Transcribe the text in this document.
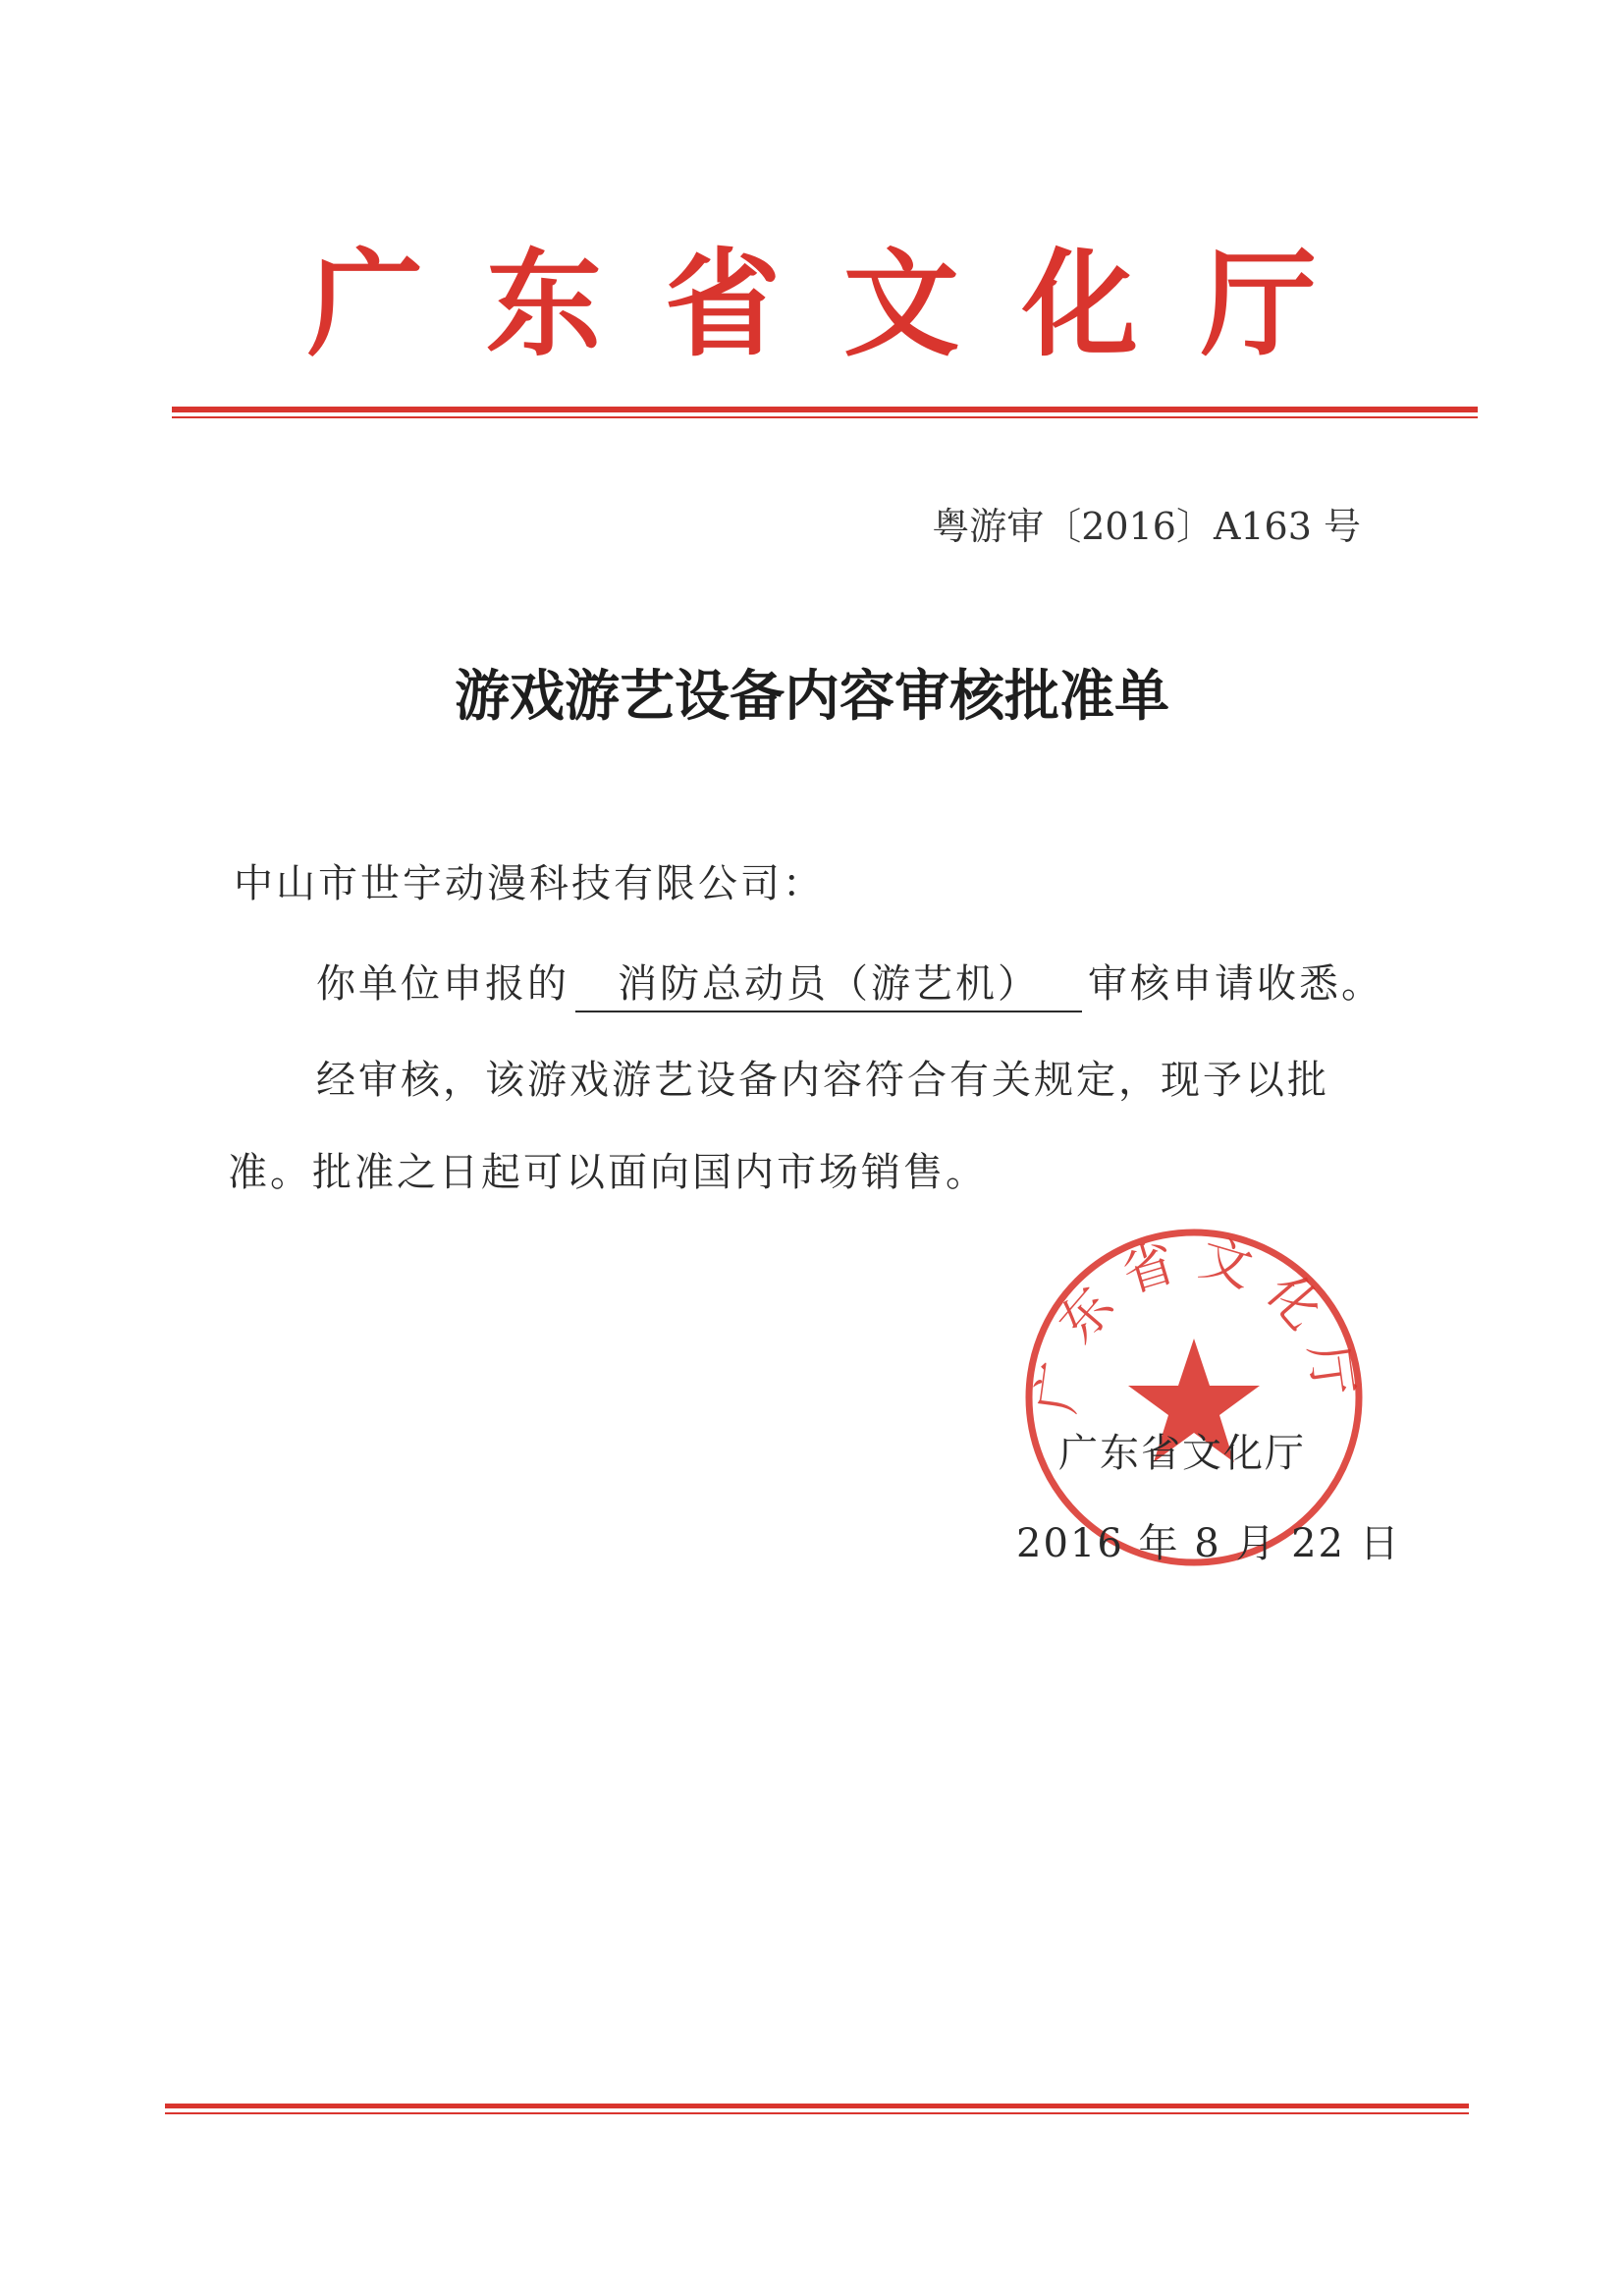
广东省文化厅
粤游审〔2016〕A163 号
游戏游艺设备内容审核批准单
中山市世宇动漫科技有限公司：
你单位申报的 消防总动员（游艺机） 审核申请收悉。
经审核，该游戏游艺设备内容符合有关规定，现予以批
准。批准之日起可以面向国内市场销售。
广东省文化厅
广东省文化厅
2016 年 8 月 22 日
